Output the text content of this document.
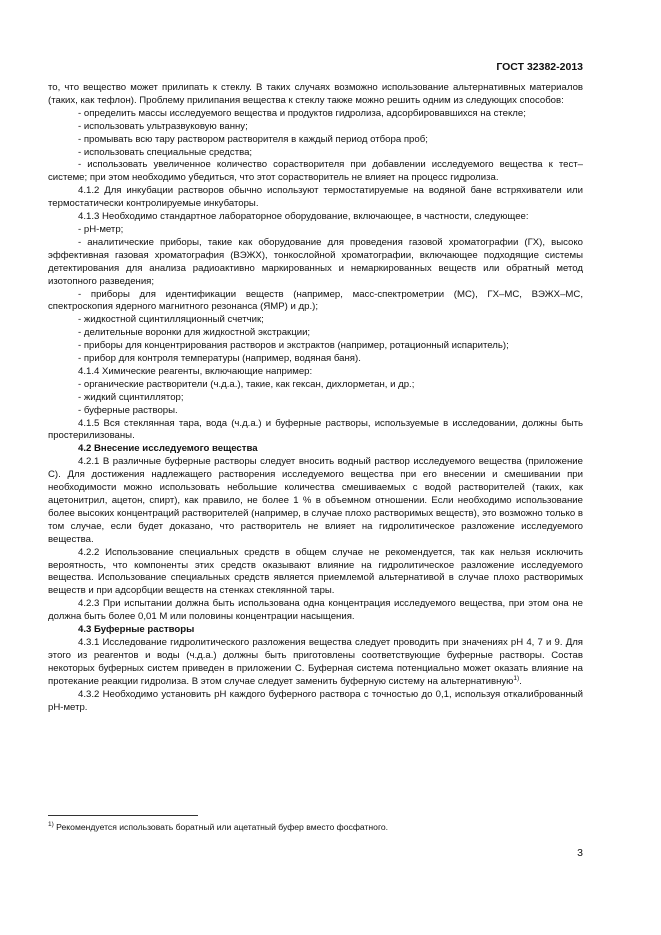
ГОСТ 32382-2013

то, что вещество может прилипать к стеклу. В таких случаях возможно использование альтернативных материалов (таких, как тефлон). Проблему прилипания вещества к стеклу также можно решить одним из следующих способов:

- определить массы исследуемого вещества и продуктов гидролиза, адсорбировавшихся на стекле;

- использовать ультразвуковую ванну;

- промывать всю тару раствором растворителя в каждый период отбора проб;

- использовать специальные средства;

- использовать увеличенное количество сорастворителя при добавлении исследуемого вещества к тест–системе; при этом необходимо убедиться, что этот сорастворитель не влияет на процесс гидролиза.

4.1.2 Для инкубации растворов обычно используют термостатируемые на водяной бане встряхиватели или термостатически контролируемые инкубаторы.

4.1.3 Необходимо стандартное лабораторное оборудование, включающее, в частности, следующее:

- pH-метр;

- аналитические приборы, такие как оборудование для проведения газовой хроматографии (ГХ), высоко эффективная газовая хроматография (ВЭЖХ), тонкослойной хроматографии, включающее подходящие системы детектирования для анализа радиоактивно маркированных и немаркированных веществ или обратный метод изотопного разведения;

- приборы для идентификации веществ (например, масс-спектрометрии (МС), ГХ–МС, ВЭЖХ–МС, спектроскопия ядерного магнитного резонанса (ЯМР) и др.);

- жидкостной сцинтилляционный счетчик;

- делительные воронки для жидкостной экстракции;

- приборы для концентрирования растворов и экстрактов (например, ротационный испаритель);

- прибор для контроля температуры (например, водяная баня).

4.1.4 Химические реагенты, включающие например:

- органические растворители (ч.д.а.), такие, как гексан, дихлорметан, и др.;

- жидкий сцинтиллятор;

- буферные растворы.

4.1.5 Вся стеклянная тара, вода (ч.д.а.) и буферные растворы, используемые в исследовании, должны быть простерилизованы.

4.2 Внесение исследуемого вещества

4.2.1 В различные буферные растворы следует вносить водный раствор исследуемого вещества (приложение С). Для достижения надлежащего растворения исследуемого вещества при его внесении и смешивании при необходимости можно использовать небольшие количества смешиваемых с водой растворителей (таких, как ацетонитрил, ацетон, спирт), как правило, не более 1 % в объемном отношении. Если необходимо использование более высоких концентраций растворителей (например, в случае плохо растворимых веществ), это возможно только в том случае, если будет доказано, что растворитель не влияет на гидролитическое разложение исследуемого вещества.

4.2.2 Использование специальных средств в общем случае не рекомендуется, так как нельзя исключить вероятность, что компоненты этих средств оказывают влияние на гидролитическое разложение исследуемого вещества. Использование специальных средств является приемлемой альтернативой в случае плохо растворимых веществ и при адсорбции веществ на стенках стеклянной тары.

4.2.3 При испытании должна быть использована одна концентрация исследуемого вещества, при этом она не должна быть более 0,01 М или половины концентрации насыщения.

4.3 Буферные растворы

4.3.1 Исследование гидролитического разложения вещества следует проводить при значениях рН 4, 7 и 9. Для этого из реагентов и воды (ч.д.а.) должны быть приготовлены соответствующие буферные растворы. Состав некоторых буферных систем приведен в приложении С. Буферная система потенциально может оказать влияние на протекание реакции гидролиза. В этом случае следует заменить буферную систему на альтернативную$^{1)}$.

4.3.2 Необходимо установить рН каждого буферного раствора с точностью до 0,1, используя откалиброванный рН-метр.

$^{1)}$ Рекомендуется использовать боратный или ацетатный буфер вместо фосфатного.
3
